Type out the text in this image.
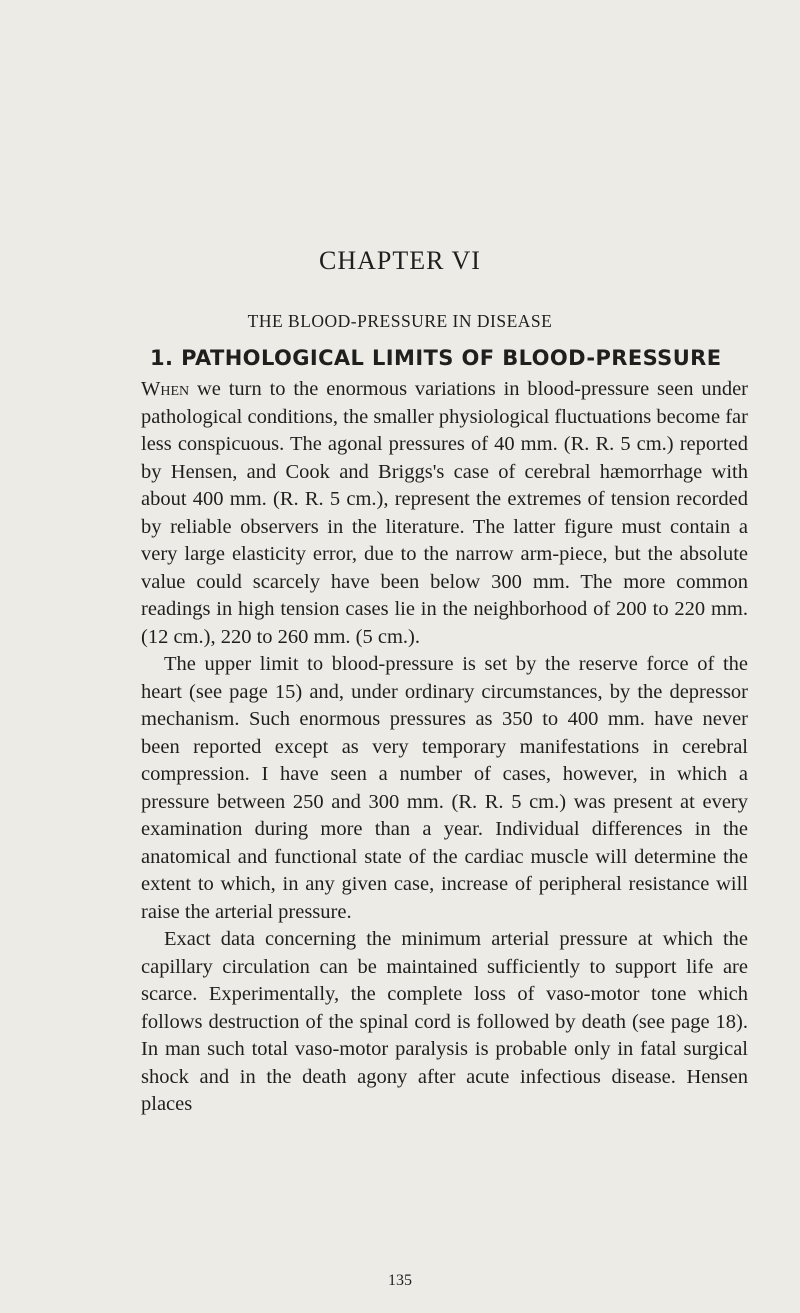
CHAPTER VI
THE BLOOD-PRESSURE IN DISEASE
1. PATHOLOGICAL LIMITS OF BLOOD-PRESSURE

When we turn to the enormous variations in blood-pressure seen under pathological conditions, the smaller physiological fluctuations become far less conspicuous. The agonal pressures of 40 mm. (R. R. 5 cm.) reported by Hensen, and Cook and Briggs's case of cerebral hæmorrhage with about 400 mm. (R. R. 5 cm.), represent the extremes of tension recorded by reliable observers in the literature. The latter figure must contain a very large elasticity error, due to the narrow arm-piece, but the absolute value could scarcely have been below 300 mm. The more common readings in high tension cases lie in the neighborhood of 200 to 220 mm. (12 cm.), 220 to 260 mm. (5 cm.).

The upper limit to blood-pressure is set by the reserve force of the heart (see page 15) and, under ordinary circumstances, by the depressor mechanism. Such enormous pressures as 350 to 400 mm. have never been reported except as very temporary manifestations in cerebral compression. I have seen a number of cases, however, in which a pressure between 250 and 300 mm. (R. R. 5 cm.) was present at every examination during more than a year. Individual differences in the anatomical and functional state of the cardiac muscle will determine the extent to which, in any given case, increase of peripheral resistance will raise the arterial pressure.

Exact data concerning the minimum arterial pressure at which the capillary circulation can be maintained sufficiently to support life are scarce. Experimentally, the complete loss of vaso-motor tone which follows destruction of the spinal cord is followed by death (see page 18). In man such total vaso-motor paralysis is probable only in fatal surgical shock and in the death agony after acute infectious disease. Hensen places

135
